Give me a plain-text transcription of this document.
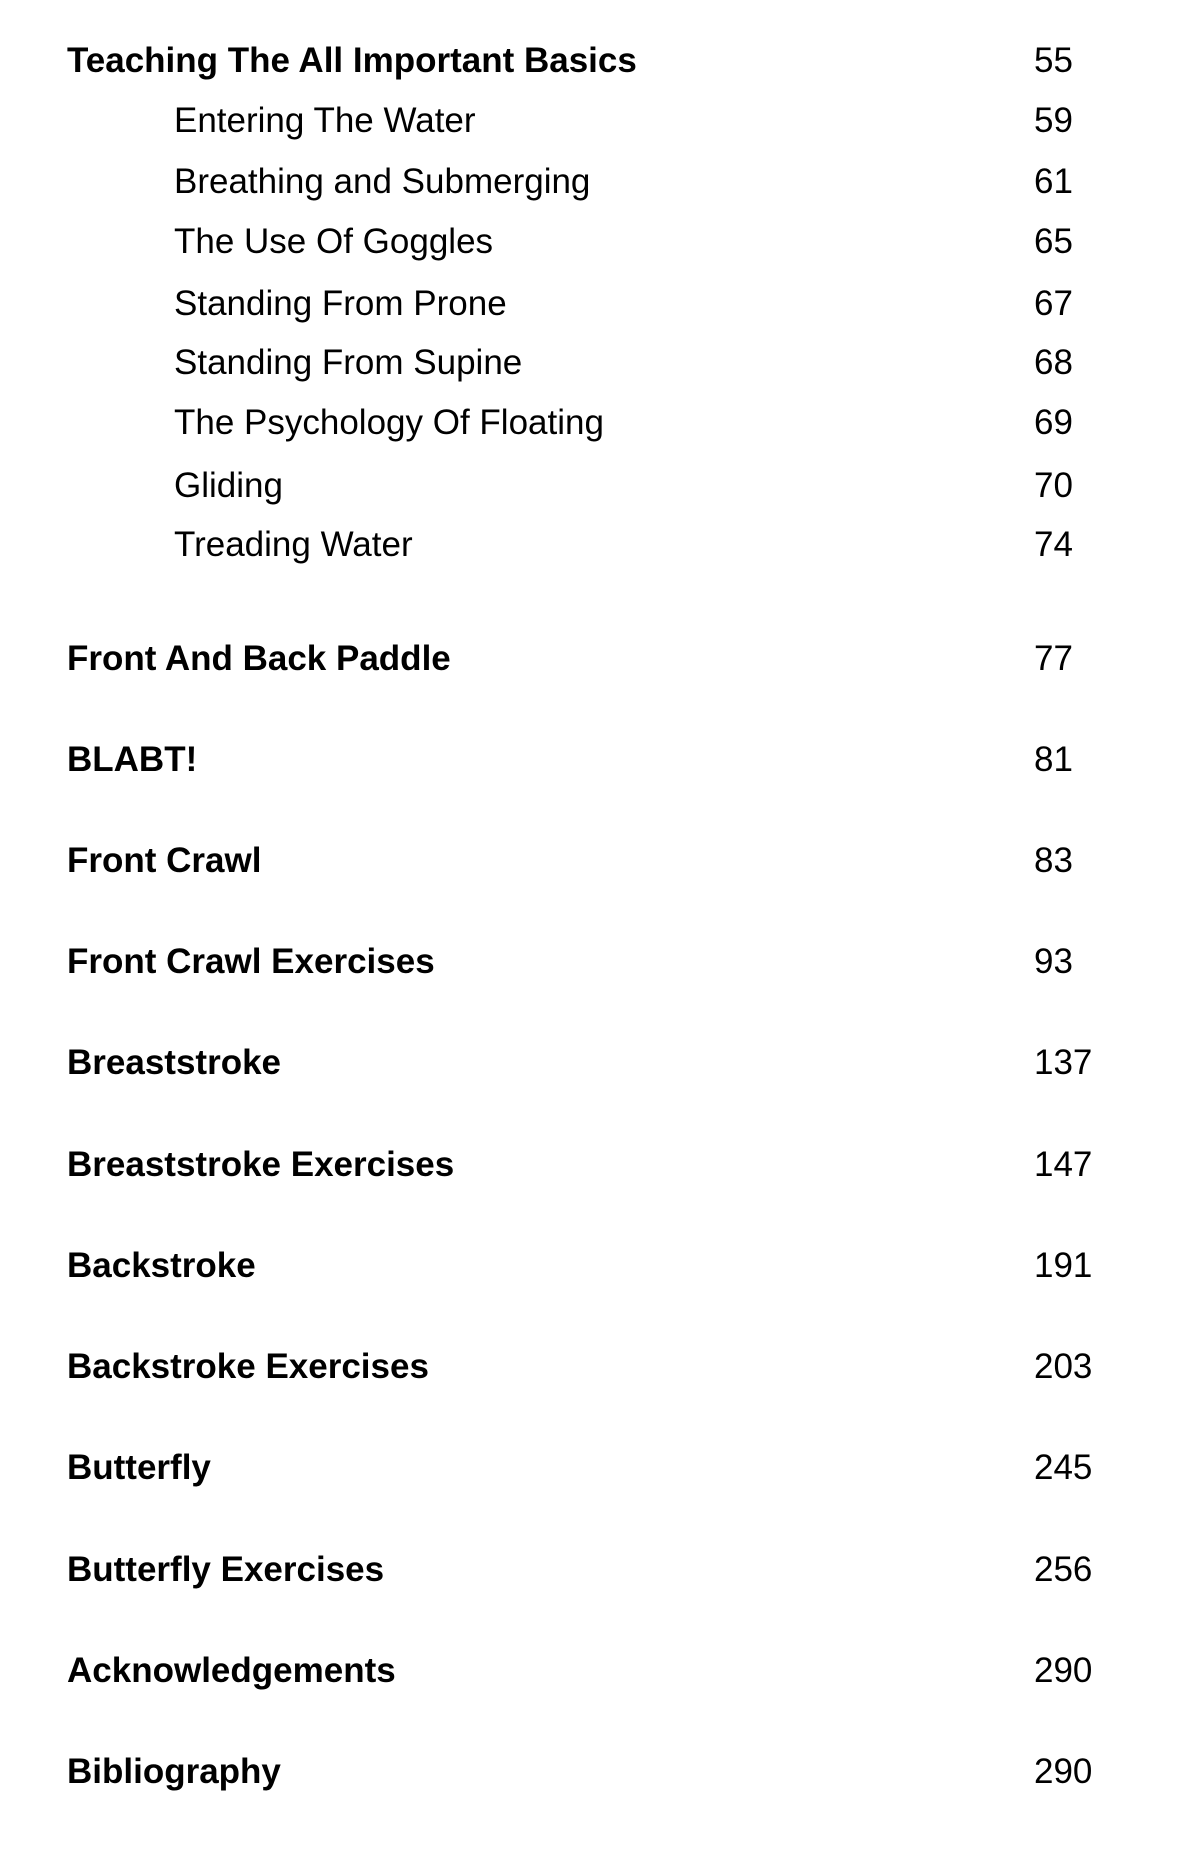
Teaching The All Important Basics	55
Entering The Water	59
Breathing and Submerging	61
The Use Of Goggles	65
Standing From Prone	67
Standing From Supine	68
The Psychology Of Floating	69
Gliding	70
Treading Water	74
Front And Back Paddle	77
BLABT!	81
Front Crawl	83
Front Crawl Exercises	93
Breaststroke	137
Breaststroke Exercises	147
Backstroke	191
Backstroke Exercises	203
Butterfly	245
Butterfly Exercises	256
Acknowledgements	290
Bibliography	290
